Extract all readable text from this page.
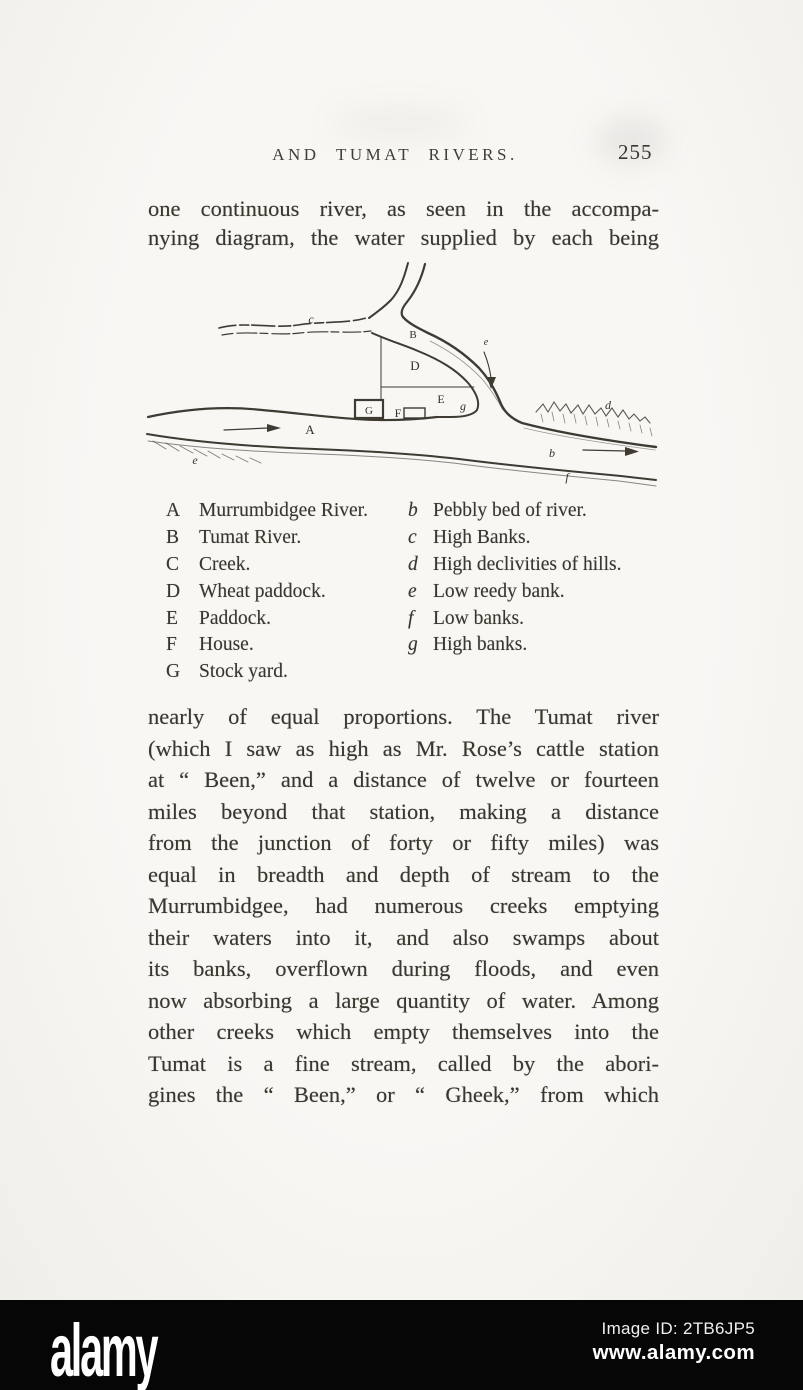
AND TUMAT RIVERS.	255
one continuous river, as seen in the accompa-
nying diagram, the water supplied by each being
c
B
e
D
E g
F
G	d
A
b
f
e
A Murrumbidgee River.
B Tumat River.
C Creek.
D Wheat paddock.
E Paddock.
F House.
G Stock yard.
b Pebbly bed of river.
c High Banks.
d High declivities of hills.
e Low reedy bank.
f Low banks.
g High banks.
nearly of equal proportions. The Tumat river
(which I saw as high as Mr. Rose’s cattle station
at “ Been,” and a distance of twelve or fourteen
miles beyond that station, making a distance
from the junction of forty or fifty miles) was
equal in breadth and depth of stream to the
Murrumbidgee, had numerous creeks emptying
their waters into it, and also swamps about
its banks, overflown during floods, and even
now absorbing a large quantity of water. Among
other creeks which empty themselves into the
Tumat is a fine stream, called by the abori-
gines the “ Been,” or “ Gheek,” from which
alamy	Image ID: 2TB6JP5
www.alamy.com
